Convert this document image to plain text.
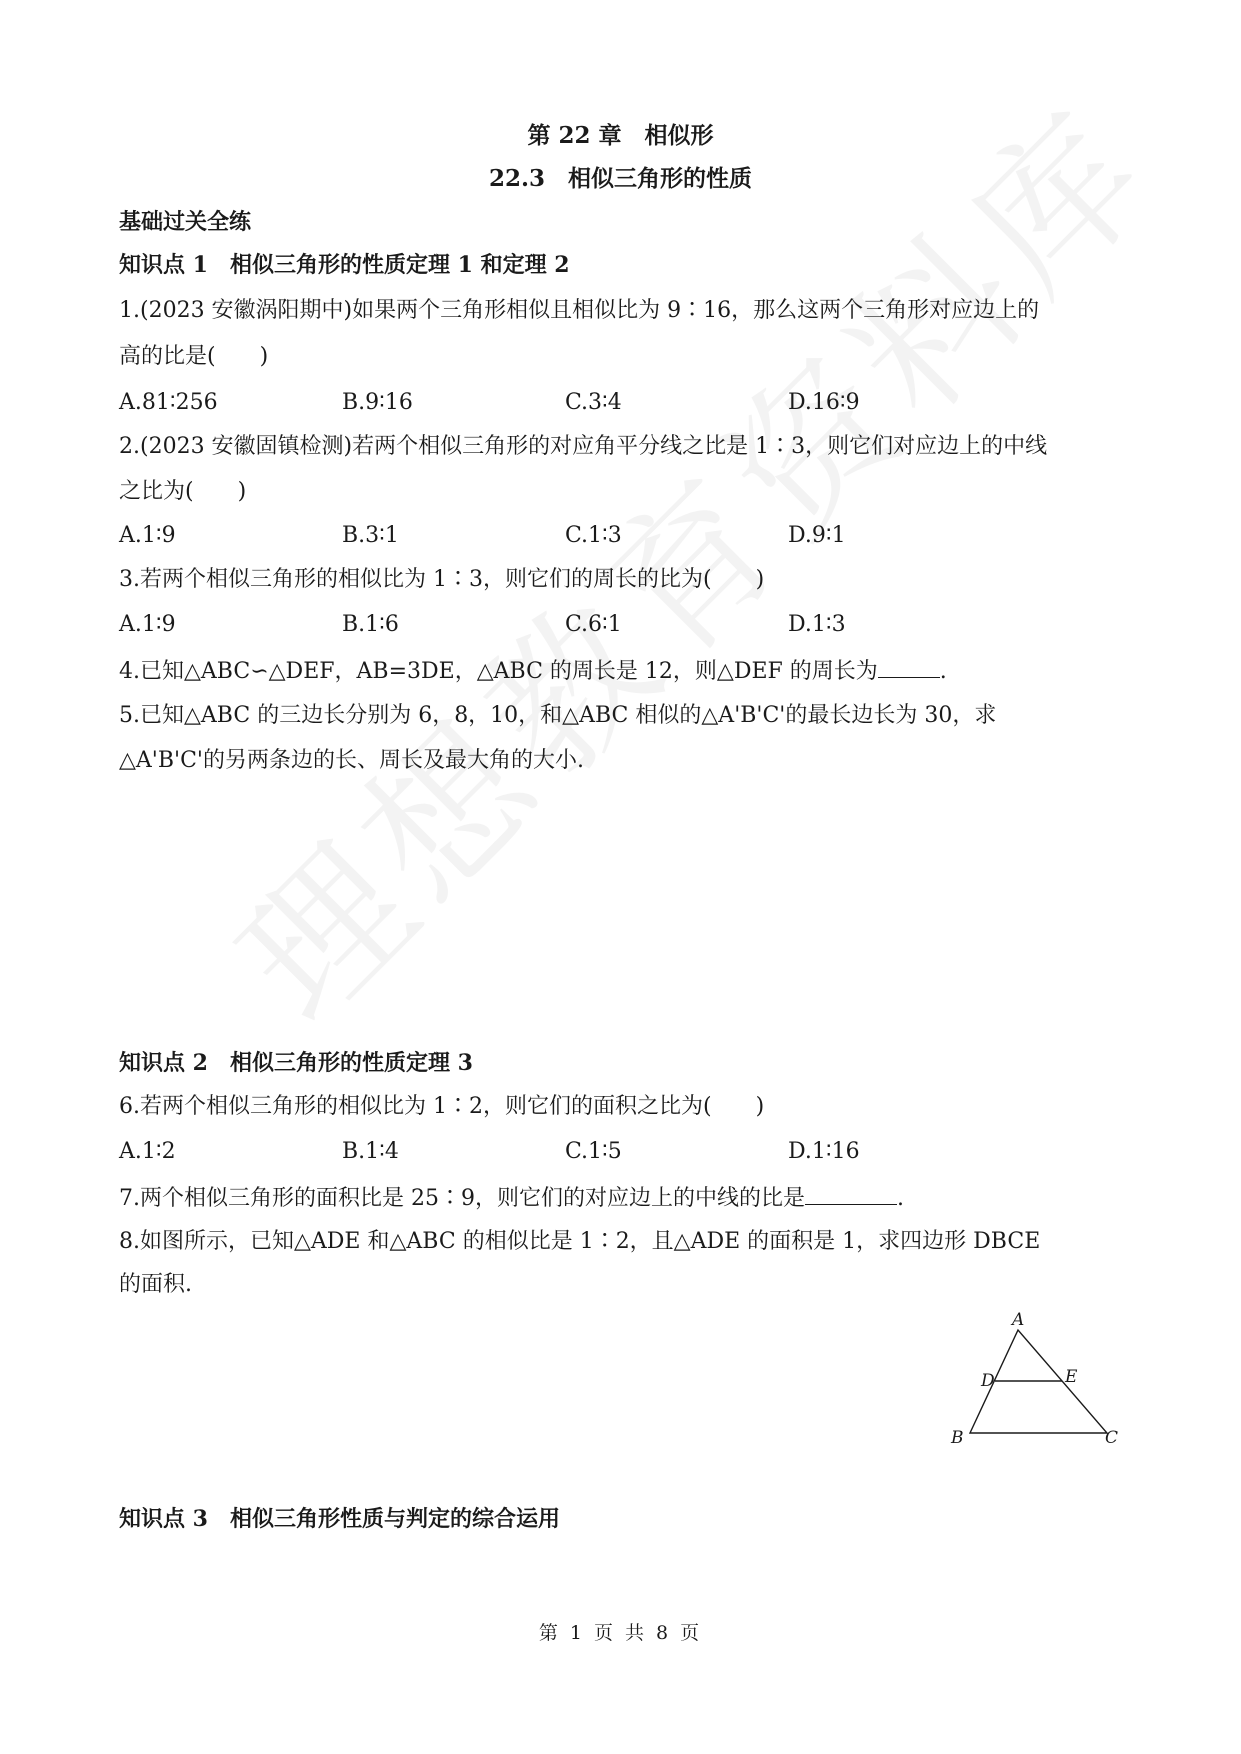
第 22 章　相似形
22.3　相似三角形的性质
基础过关全练
知识点 1　相似三角形的性质定理 1 和定理 2
1.(2023 安徽涡阳期中)如果两个三角形相似且相似比为 9∶16，那么这两个三角形对应边上的
高的比是(　　)
A.81∶256	B.9∶16	C.3∶4	D.16∶9
2.(2023 安徽固镇检测)若两个相似三角形的对应角平分线之比是 1∶3，则它们对应边上的中线
之比为(　　)
A.1∶9	B.3∶1	C.1∶3	D.9∶1
3.若两个相似三角形的相似比为 1∶3，则它们的周长的比为(　　)
A.1∶9	B.1∶6	C.6∶1	D.1∶3
4.已知△ABC∽△DEF，AB=3DE，△ABC 的周长是 12，则△DEF 的周长为	.
5.已知△ABC 的三边长分别为 6，8，10，和△ABC 相似的△A'B'C'的最长边长为 30，求
△A'B'C'的另两条边的长、周长及最大角的大小.
知识点 2　相似三角形的性质定理 3
6.若两个相似三角形的相似比为 1∶2，则它们的面积之比为(　　)
A.1∶2	B.1∶4	C.1∶5	D.1∶16
7.两个相似三角形的面积比是 25∶9，则它们的对应边上的中线的比是	.
8.如图所示，已知△ADE 和△ABC 的相似比是 1∶2，且△ADE 的面积是 1，求四边形 DBCE
的面积.
A
D	E
B	C
知识点 3　相似三角形性质与判定的综合运用
第 1 页 共 8 页
